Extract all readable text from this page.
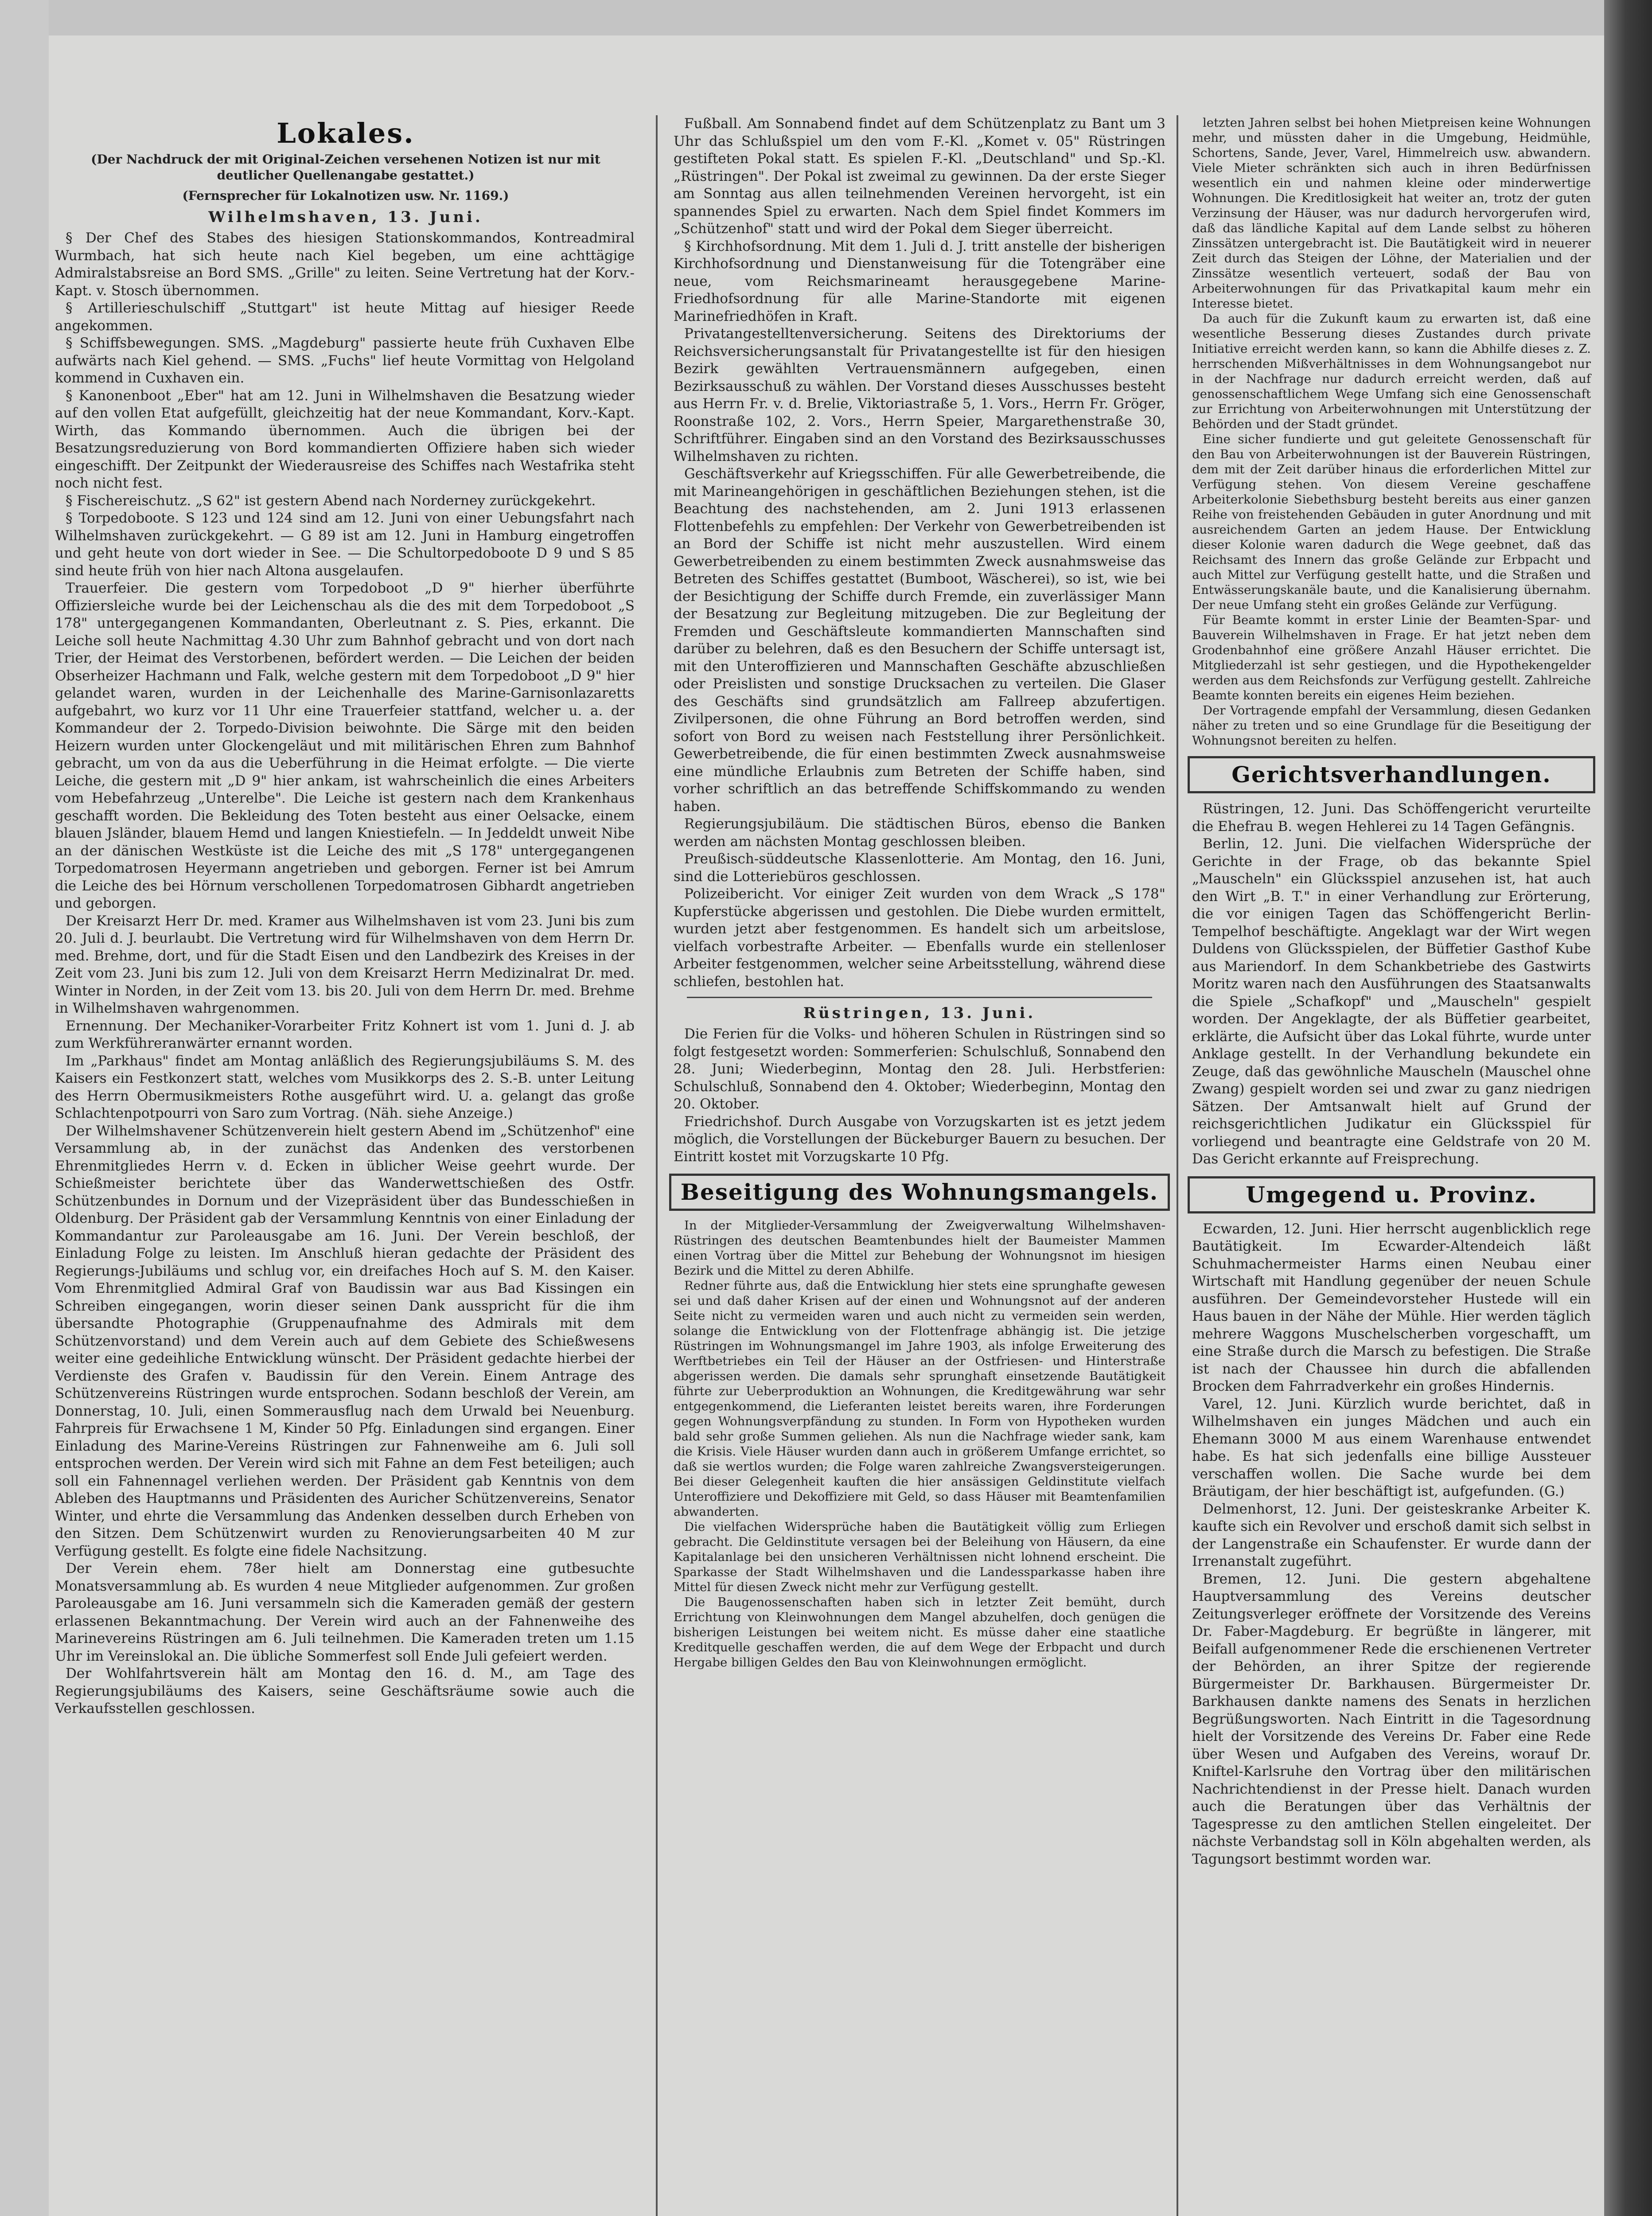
Lokales.
(Der Nachdruck der mit Original-Zeichen versehenen Notizen ist nur mit deutlicher Quellenangabe gestattet.)
(Fernsprecher für Lokalnotizen usw. Nr. 1169.)
Wilhelmshaven, 13. Juni.

§ Der Chef des Stabes des hiesigen Stationskommandos, Kontreadmiral Wurmbach, hat sich heute nach Kiel begeben, um eine achttägige Admiralstabsreise an Bord SMS. „Grille" zu leiten. Seine Vertretung hat der Korv.-Kapt. v. Stosch übernommen.

§ Artillerieschulschiff „Stuttgart" ist heute Mittag auf hiesiger Reede angekommen.

§ Schiffsbewegungen. SMS. „Magdeburg" passierte heute früh Cuxhaven Elbe aufwärts nach Kiel gehend. — SMS. „Fuchs" lief heute Vormittag von Helgoland kommend in Cuxhaven ein.

§ Kanonenboot „Eber" hat am 12. Juni in Wilhelmshaven die Besatzung wieder auf den vollen Etat aufgefüllt, gleichzeitig hat der neue Kommandant, Korv.-Kapt. Wirth, das Kommando übernommen. Auch die übrigen bei der Besatzungsreduzierung von Bord kommandierten Offiziere haben sich wieder eingeschifft. Der Zeitpunkt der Wiederausreise des Schiffes nach Westafrika steht noch nicht fest.

§ Fischereischutz. „S 62" ist gestern Abend nach Norderney zurückgekehrt.

§ Torpedoboote. S 123 und 124 sind am 12. Juni von einer Uebungsfahrt nach Wilhelmshaven zurückgekehrt. — G 89 ist am 12. Juni in Hamburg eingetroffen und geht heute von dort wieder in See. — Die Schultorpedoboote D 9 und S 85 sind heute früh von hier nach Altona ausgelaufen.

Trauerfeier. Die gestern vom Torpedoboot „D 9" hierher überführte Offiziersleiche wurde bei der Leichenschau als die des mit dem Torpedoboot „S 178" untergegangenen Kommandanten, Oberleutnant z. S. Pies, erkannt. Die Leiche soll heute Nachmittag 4.30 Uhr zum Bahnhof gebracht und von dort nach Trier, der Heimat des Verstorbenen, befördert werden. — Die Leichen der beiden Obserheizer Hachmann und Falk, welche gestern mit dem Torpedoboot „D 9" hier gelandet waren, wurden in der Leichenhalle des Marine-Garnisonlazaretts aufgebahrt, wo kurz vor 11 Uhr eine Trauerfeier stattfand, welcher u. a. der Kommandeur der 2. Torpedo-Division beiwohnte. Die Särge mit den beiden Heizern wurden unter Glockengeläut und mit militärischen Ehren zum Bahnhof gebracht, um von da aus die Ueberführung in die Heimat erfolgte. — Die vierte Leiche, die gestern mit „D 9" hier ankam, ist wahrscheinlich die eines Arbeiters vom Hebefahrzeug „Unterelbe". Die Leiche ist gestern nach dem Krankenhaus geschafft worden. Die Bekleidung des Toten besteht aus einer Oelsacke, einem blauen Jsländer, blauem Hemd und langen Kniestiefeln. — In Jeddeldt unweit Nibe an der dänischen Westküste ist die Leiche des mit „S 178" untergegangenen Torpedomatrosen Heyermann angetrieben und geborgen. Ferner ist bei Amrum die Leiche des bei Hörnum verschollenen Torpedomatrosen Gibhardt angetrieben und geborgen.

Der Kreisarzt Herr Dr. med. Kramer aus Wilhelmshaven ist vom 23. Juni bis zum 20. Juli d. J. beurlaubt. Die Vertretung wird für Wilhelmshaven von dem Herrn Dr. med. Brehme, dort, und für die Stadt Eisen und den Landbezirk des Kreises in der Zeit vom 23. Juni bis zum 12. Juli von dem Kreisarzt Herrn Medizinalrat Dr. med. Winter in Norden, in der Zeit vom 13. bis 20. Juli von dem Herrn Dr. med. Brehme in Wilhelmshaven wahrgenommen.

Ernennung. Der Mechaniker-Vorarbeiter Fritz Kohnert ist vom 1. Juni d. J. ab zum Werkführeranwärter ernannt worden.

Im „Parkhaus" findet am Montag anläßlich des Regierungsjubiläums S. M. des Kaisers ein Festkonzert statt, welches vom Musikkorps des 2. S.-B. unter Leitung des Herrn Obermusikmeisters Rothe ausgeführt wird. U. a. gelangt das große Schlachtenpotpourri von Saro zum Vortrag. (Näh. siehe Anzeige.)

Der Wilhelmshavener Schützenverein hielt gestern Abend im „Schützenhof" eine Versammlung ab, in der zunächst das Andenken des verstorbenen Ehrenmitgliedes Herrn v. d. Ecken in üblicher Weise geehrt wurde. Der Schießmeister berichtete über das Wanderwettschießen des Ostfr. Schützenbundes in Dornum und der Vizepräsident über das Bundesschießen in Oldenburg. Der Präsident gab der Versammlung Kenntnis von einer Einladung der Kommandantur zur Paroleausgabe am 16. Juni. Der Verein beschloß, der Einladung Folge zu leisten. Im Anschluß hieran gedachte der Präsident des Regierungs-Jubiläums und schlug vor, ein dreifaches Hoch auf S. M. den Kaiser. Vom Ehrenmitglied Admiral Graf von Baudissin war aus Bad Kissingen ein Schreiben eingegangen, worin dieser seinen Dank ausspricht für die ihm übersandte Photographie (Gruppenaufnahme des Admirals mit dem Schützenvorstand) und dem Verein auch auf dem Gebiete des Schießwesens weiter eine gedeihliche Entwicklung wünscht. Der Präsident gedachte hierbei der Verdienste des Grafen v. Baudissin für den Verein. Einem Antrage des Schützenvereins Rüstringen wurde entsprochen. Sodann beschloß der Verein, am Donnerstag, 10. Juli, einen Sommerausflug nach dem Urwald bei Neuenburg. Fahrpreis für Erwachsene 1 M, Kinder 50 Pfg. Einladungen sind ergangen. Einer Einladung des Marine-Vereins Rüstringen zur Fahnenweihe am 6. Juli soll entsprochen werden. Der Verein wird sich mit Fahne an dem Fest beteiligen; auch soll ein Fahnennagel verliehen werden. Der Präsident gab Kenntnis von dem Ableben des Hauptmanns und Präsidenten des Auricher Schützenvereins, Senator Winter, und ehrte die Versammlung das Andenken desselben durch Erheben von den Sitzen. Dem Schützenwirt wurden zu Renovierungsarbeiten 40 M zur Verfügung gestellt. Es folgte eine fidele Nachsitzung.

Der Verein ehem. 78er hielt am Donnerstag eine gutbesuchte Monatsversammlung ab. Es wurden 4 neue Mitglieder aufgenommen. Zur großen Paroleausgabe am 16. Juni versammeln sich die Kameraden gemäß der gestern erlassenen Bekanntmachung. Der Verein wird auch an der Fahnenweihe des Marinevereins Rüstringen am 6. Juli teilnehmen. Die Kameraden treten um 1.15 Uhr im Vereinslokal an. Die übliche Sommerfest soll Ende Juli gefeiert werden.

Der Wohlfahrtsverein hält am Montag den 16. d. M., am Tage des Regierungsjubiläums des Kaisers, seine Geschäftsräume sowie auch die Verkaufsstellen geschlossen.

Fußball. Am Sonnabend findet auf dem Schützenplatz zu Bant um 3 Uhr das Schlußspiel um den vom F.-Kl. „Komet v. 05" Rüstringen gestifteten Pokal statt. Es spielen F.-Kl. „Deutschland" und Sp.-Kl. „Rüstringen". Der Pokal ist zweimal zu gewinnen. Da der erste Sieger am Sonntag aus allen teilnehmenden Vereinen hervorgeht, ist ein spannendes Spiel zu erwarten. Nach dem Spiel findet Kommers im „Schützenhof" statt und wird der Pokal dem Sieger überreicht.

§ Kirchhofsordnung. Mit dem 1. Juli d. J. tritt anstelle der bisherigen Kirchhofsordnung und Dienstanweisung für die Totengräber eine neue, vom Reichsmarineamt herausgegebene Marine-Friedhofsordnung für alle Marine-Standorte mit eigenen Marinefriedhöfen in Kraft.

Privatangestelltenversicherung. Seitens des Direktoriums der Reichsversicherungsanstalt für Privatangestellte ist für den hiesigen Bezirk gewählten Vertrauensmännern aufgegeben, einen Bezirksausschuß zu wählen. Der Vorstand dieses Ausschusses besteht aus Herrn Fr. v. d. Brelie, Viktoriastraße 5, 1. Vors., Herrn Fr. Gröger, Roonstraße 102, 2. Vors., Herrn Speier, Margarethenstraße 30, Schriftführer. Eingaben sind an den Vorstand des Bezirksausschusses Wilhelmshaven zu richten.

Geschäftsverkehr auf Kriegsschiffen. Für alle Gewerbetreibende, die mit Marineangehörigen in geschäftlichen Beziehungen stehen, ist die Beachtung des nachstehenden, am 2. Juni 1913 erlassenen Flottenbefehls zu empfehlen: Der Verkehr von Gewerbetreibenden ist an Bord der Schiffe ist nicht mehr auszustellen. Wird einem Gewerbetreibenden zu einem bestimmten Zweck ausnahmsweise das Betreten des Schiffes gestattet (Bumboot, Wäscherei), so ist, wie bei der Besichtigung der Schiffe durch Fremde, ein zuverlässiger Mann der Besatzung zur Begleitung mitzugeben. Die zur Begleitung der Fremden und Geschäftsleute kommandierten Mannschaften sind darüber zu belehren, daß es den Besuchern der Schiffe untersagt ist, mit den Unteroffizieren und Mannschaften Geschäfte abzuschließen oder Preislisten und sonstige Drucksachen zu verteilen. Die Glaser des Geschäfts sind grundsätzlich am Fallreep abzufertigen. Zivilpersonen, die ohne Führung an Bord betroffen werden, sind sofort von Bord zu weisen nach Feststellung ihrer Persönlichkeit. Gewerbetreibende, die für einen bestimmten Zweck ausnahmsweise eine mündliche Erlaubnis zum Betreten der Schiffe haben, sind vorher schriftlich an das betreffende Schiffskommando zu wenden haben.

Regierungsjubiläum. Die städtischen Büros, ebenso die Banken werden am nächsten Montag geschlossen bleiben.

Preußisch-süddeutsche Klassenlotterie. Am Montag, den 16. Juni, sind die Lotteriebüros geschlossen.

Polizeibericht. Vor einiger Zeit wurden von dem Wrack „S 178" Kupferstücke abgerissen und gestohlen. Die Diebe wurden ermittelt, wurden jetzt aber festgenommen. Es handelt sich um arbeitslose, vielfach vorbestrafte Arbeiter. — Ebenfalls wurde ein stellenloser Arbeiter festgenommen, welcher seine Arbeitsstellung, während diese schliefen, bestohlen hat.

Rüstringen, 13. Juni.

Die Ferien für die Volks- und höheren Schulen in Rüstringen sind so folgt festgesetzt worden: Sommerferien: Schulschluß, Sonnabend den 28. Juni; Wiederbeginn, Montag den 28. Juli. Herbstferien: Schulschluß, Sonnabend den 4. Oktober; Wiederbeginn, Montag den 20. Oktober.

Friedrichshof. Durch Ausgabe von Vorzugskarten ist es jetzt jedem möglich, die Vorstellungen der Bückeburger Bauern zu besuchen. Der Eintritt kostet mit Vorzugskarte 10 Pfg.

Beseitigung des Wohnungsmangels.

In der Mitglieder-Versammlung der Zweigverwaltung Wilhelmshaven-Rüstringen des deutschen Beamtenbundes hielt der Baumeister Mammen einen Vortrag über die Mittel zur Behebung der Wohnungsnot im hiesigen Bezirk und die Mittel zu deren Abhilfe.

Redner führte aus, daß die Entwicklung hier stets eine sprunghafte gewesen sei und daß daher Krisen auf der einen und Wohnungsnot auf der anderen Seite nicht zu vermeiden waren und auch nicht zu vermeiden sein werden, solange die Entwicklung von der Flottenfrage abhängig ist. Die jetzige Rüstringen im Wohnungsmangel im Jahre 1903, als infolge Erweiterung des Werftbetriebes ein Teil der Häuser an der Ostfriesen- und Hinterstraße abgerissen werden. Die damals sehr sprunghaft einsetzende Bautätigkeit führte zur Ueberproduktion an Wohnungen, die Kreditgewährung war sehr entgegenkommend, die Lieferanten leistet bereits waren, ihre Forderungen gegen Wohnungsverpfändung zu stunden. In Form von Hypotheken wurden bald sehr große Summen geliehen. Als nun die Nachfrage wieder sank, kam die Krisis. Viele Häuser wurden dann auch in größerem Umfange errichtet, so daß sie wertlos wurden; die Folge waren zahlreiche Zwangsversteigerungen. Bei dieser Gelegenheit kauften die hier ansässigen Geldinstitute vielfach Unteroffiziere und Dekoffiziere mit Geld, so dass Häuser mit Beamtenfamilien abwanderten.

Die vielfachen Widersprüche haben die Bautätigkeit völlig zum Erliegen gebracht. Die Geldinstitute versagen bei der Beleihung von Häusern, da eine Kapitalanlage bei den unsicheren Verhältnissen nicht lohnend erscheint. Die Sparkasse der Stadt Wilhelmshaven und die Landessparkasse haben ihre Mittel für diesen Zweck nicht mehr zur Verfügung gestellt.

Die Baugenossenschaften haben sich in letzter Zeit bemüht, durch Errichtung von Kleinwohnungen dem Mangel abzuhelfen, doch genügen die bisherigen Leistungen bei weitem nicht. Es müsse daher eine staatliche Kreditquelle geschaffen werden, die auf dem Wege der Erbpacht und durch Hergabe billigen Geldes den Bau von Kleinwohnungen ermöglicht.

letzten Jahren selbst bei hohen Mietpreisen keine Wohnungen mehr, und müssten daher in die Umgebung, Heidmühle, Schortens, Sande, Jever, Varel, Himmelreich usw. abwandern. Viele Mieter schränkten sich auch in ihren Bedürfnissen wesentlich ein und nahmen kleine oder minderwertige Wohnungen. Die Kreditlosigkeit hat weiter an, trotz der guten Verzinsung der Häuser, was nur dadurch hervorgerufen wird, daß das ländliche Kapital auf dem Lande selbst zu höheren Zinssätzen untergebracht ist. Die Bautätigkeit wird in neuerer Zeit durch das Steigen der Löhne, der Materialien und der Zinssätze wesentlich verteuert, sodaß der Bau von Arbeiterwohnungen für das Privatkapital kaum mehr ein Interesse bietet.

Da auch für die Zukunft kaum zu erwarten ist, daß eine wesentliche Besserung dieses Zustandes durch private Initiative erreicht werden kann, so kann die Abhilfe dieses z. Z. herrschenden Mißverhältnisses in dem Wohnungsangebot nur in der Nachfrage nur dadurch erreicht werden, daß auf genossenschaftlichem Wege Umfang sich eine Genossenschaft zur Errichtung von Arbeiterwohnungen mit Unterstützung der Behörden und der Stadt gründet.

Eine sicher fundierte und gut geleitete Genossenschaft für den Bau von Arbeiterwohnungen ist der Bauverein Rüstringen, dem mit der Zeit darüber hinaus die erforderlichen Mittel zur Verfügung stehen. Von diesem Vereine geschaffene Arbeiterkolonie Siebethsburg besteht bereits aus einer ganzen Reihe von freistehenden Gebäuden in guter Anordnung und mit ausreichendem Garten an jedem Hause. Der Entwicklung dieser Kolonie waren dadurch die Wege geebnet, daß das Reichsamt des Innern das große Gelände zur Erbpacht und auch Mittel zur Verfügung gestellt hatte, und die Straßen und Entwässerungskanäle baute, und die Kanalisierung übernahm. Der neue Umfang steht ein großes Gelände zur Verfügung.

Für Beamte kommt in erster Linie der Beamten-Spar- und Bauverein Wilhelmshaven in Frage. Er hat jetzt neben dem Grodenbahnhof eine größere Anzahl Häuser errichtet. Die Mitgliederzahl ist sehr gestiegen, und die Hypothekengelder werden aus dem Reichsfonds zur Verfügung gestellt. Zahlreiche Beamte konnten bereits ein eigenes Heim beziehen.

Der Vortragende empfahl der Versammlung, diesen Gedanken näher zu treten und so eine Grundlage für die Beseitigung der Wohnungsnot bereiten zu helfen.

Gerichtsverhandlungen.

Rüstringen, 12. Juni. Das Schöffengericht verurteilte die Ehefrau B. wegen Hehlerei zu 14 Tagen Gefängnis.

Berlin, 12. Juni. Die vielfachen Widersprüche der Gerichte in der Frage, ob das bekannte Spiel „Mauscheln" ein Glücksspiel anzusehen ist, hat auch den Wirt „B. T." in einer Verhandlung zur Erörterung, die vor einigen Tagen das Schöffengericht Berlin-Tempelhof beschäftigte. Angeklagt war der Wirt wegen Duldens von Glücksspielen, der Büffetier Gasthof Kube aus Mariendorf. In dem Schankbetriebe des Gastwirts Moritz waren nach den Ausführungen des Staatsanwalts die Spiele „Schafkopf" und „Mauscheln" gespielt worden. Der Angeklagte, der als Büffetier gearbeitet, erklärte, die Aufsicht über das Lokal führte, wurde unter Anklage gestellt. In der Verhandlung bekundete ein Zeuge, daß das gewöhnliche Mauscheln (Mauschel ohne Zwang) gespielt worden sei und zwar zu ganz niedrigen Sätzen. Der Amtsanwalt hielt auf Grund der reichsgerichtlichen Judikatur ein Glücksspiel für vorliegend und beantragte eine Geldstrafe von 20 M. Das Gericht erkannte auf Freisprechung.

Umgegend u. Provinz.

Ecwarden, 12. Juni. Hier herrscht augenblicklich rege Bautätigkeit. Im Ecwarder-Altendeich läßt Schuhmachermeister Harms einen Neubau einer Wirtschaft mit Handlung gegenüber der neuen Schule ausführen. Der Gemeindevorsteher Hustede will ein Haus bauen in der Nähe der Mühle. Hier werden täglich mehrere Waggons Muschelscherben vorgeschafft, um eine Straße durch die Marsch zu befestigen. Die Straße ist nach der Chaussee hin durch die abfallenden Brocken dem Fahrradverkehr ein großes Hindernis.

Varel, 12. Juni. Kürzlich wurde berichtet, daß in Wilhelmshaven ein junges Mädchen und auch ein Ehemann 3000 M aus einem Warenhause entwendet habe. Es hat sich jedenfalls eine billige Aussteuer verschaffen wollen. Die Sache wurde bei dem Bräutigam, der hier beschäftigt ist, aufgefunden. (G.)

Delmenhorst, 12. Juni. Der geisteskranke Arbeiter K. kaufte sich ein Revolver und erschoß damit sich selbst in der Langenstraße ein Schaufenster. Er wurde dann der Irrenanstalt zugeführt.

Bremen, 12. Juni. Die gestern abgehaltene Hauptversammlung des Vereins deutscher Zeitungsverleger eröffnete der Vorsitzende des Vereins Dr. Faber-Magdeburg. Er begrüßte in längerer, mit Beifall aufgenommener Rede die erschienenen Vertreter der Behörden, an ihrer Spitze der regierende Bürgermeister Dr. Barkhausen. Bürgermeister Dr. Barkhausen dankte namens des Senats in herzlichen Begrüßungsworten. Nach Eintritt in die Tagesordnung hielt der Vorsitzende des Vereins Dr. Faber eine Rede über Wesen und Aufgaben des Vereins, worauf Dr. Kniftel-Karlsruhe den Vortrag über den militärischen Nachrichtendienst in der Presse hielt. Danach wurden auch die Beratungen über das Verhältnis der Tagespresse zu den amtlichen Stellen eingeleitet. Der nächste Verbandstag soll in Köln abgehalten werden, als Tagungsort bestimmt worden war.
